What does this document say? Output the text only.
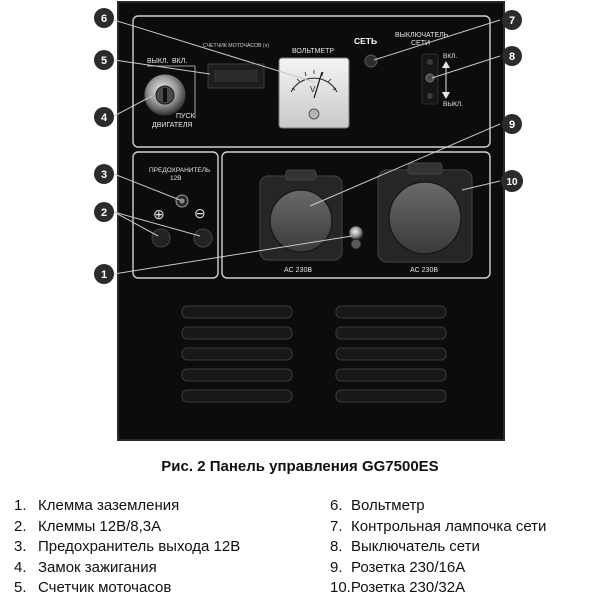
ВЫКЛ. ВКЛ.
ПУСК
ДВИГАТЕЛЯ
СЧЕТЧИК МОТОЧАСОВ (ч)
ВОЛЬТМЕТР
V
СЕТЬ
ВЫКЛЮЧАТЕЛЬ
СЕТИ
ВКЛ.
ВЫКЛ.
ПРЕДОХРАНИТЕЛЬ
12В
⊕ ⊖
AC 230В	AC 230В
6
5
4
3
2
1
7
8
9
10
Рис. 2 Панель управления GG7500ES
1. Клемма заземления
2. Клеммы 12В/8,3А
3. Предохранитель выхода 12В
4. Замок зажигания
5. Счетчик моточасов
6. Вольтметр
7. Контрольная лампочка сети
8. Выключатель сети
9. Розетка 230/16А
10.Розетка 230/32А
